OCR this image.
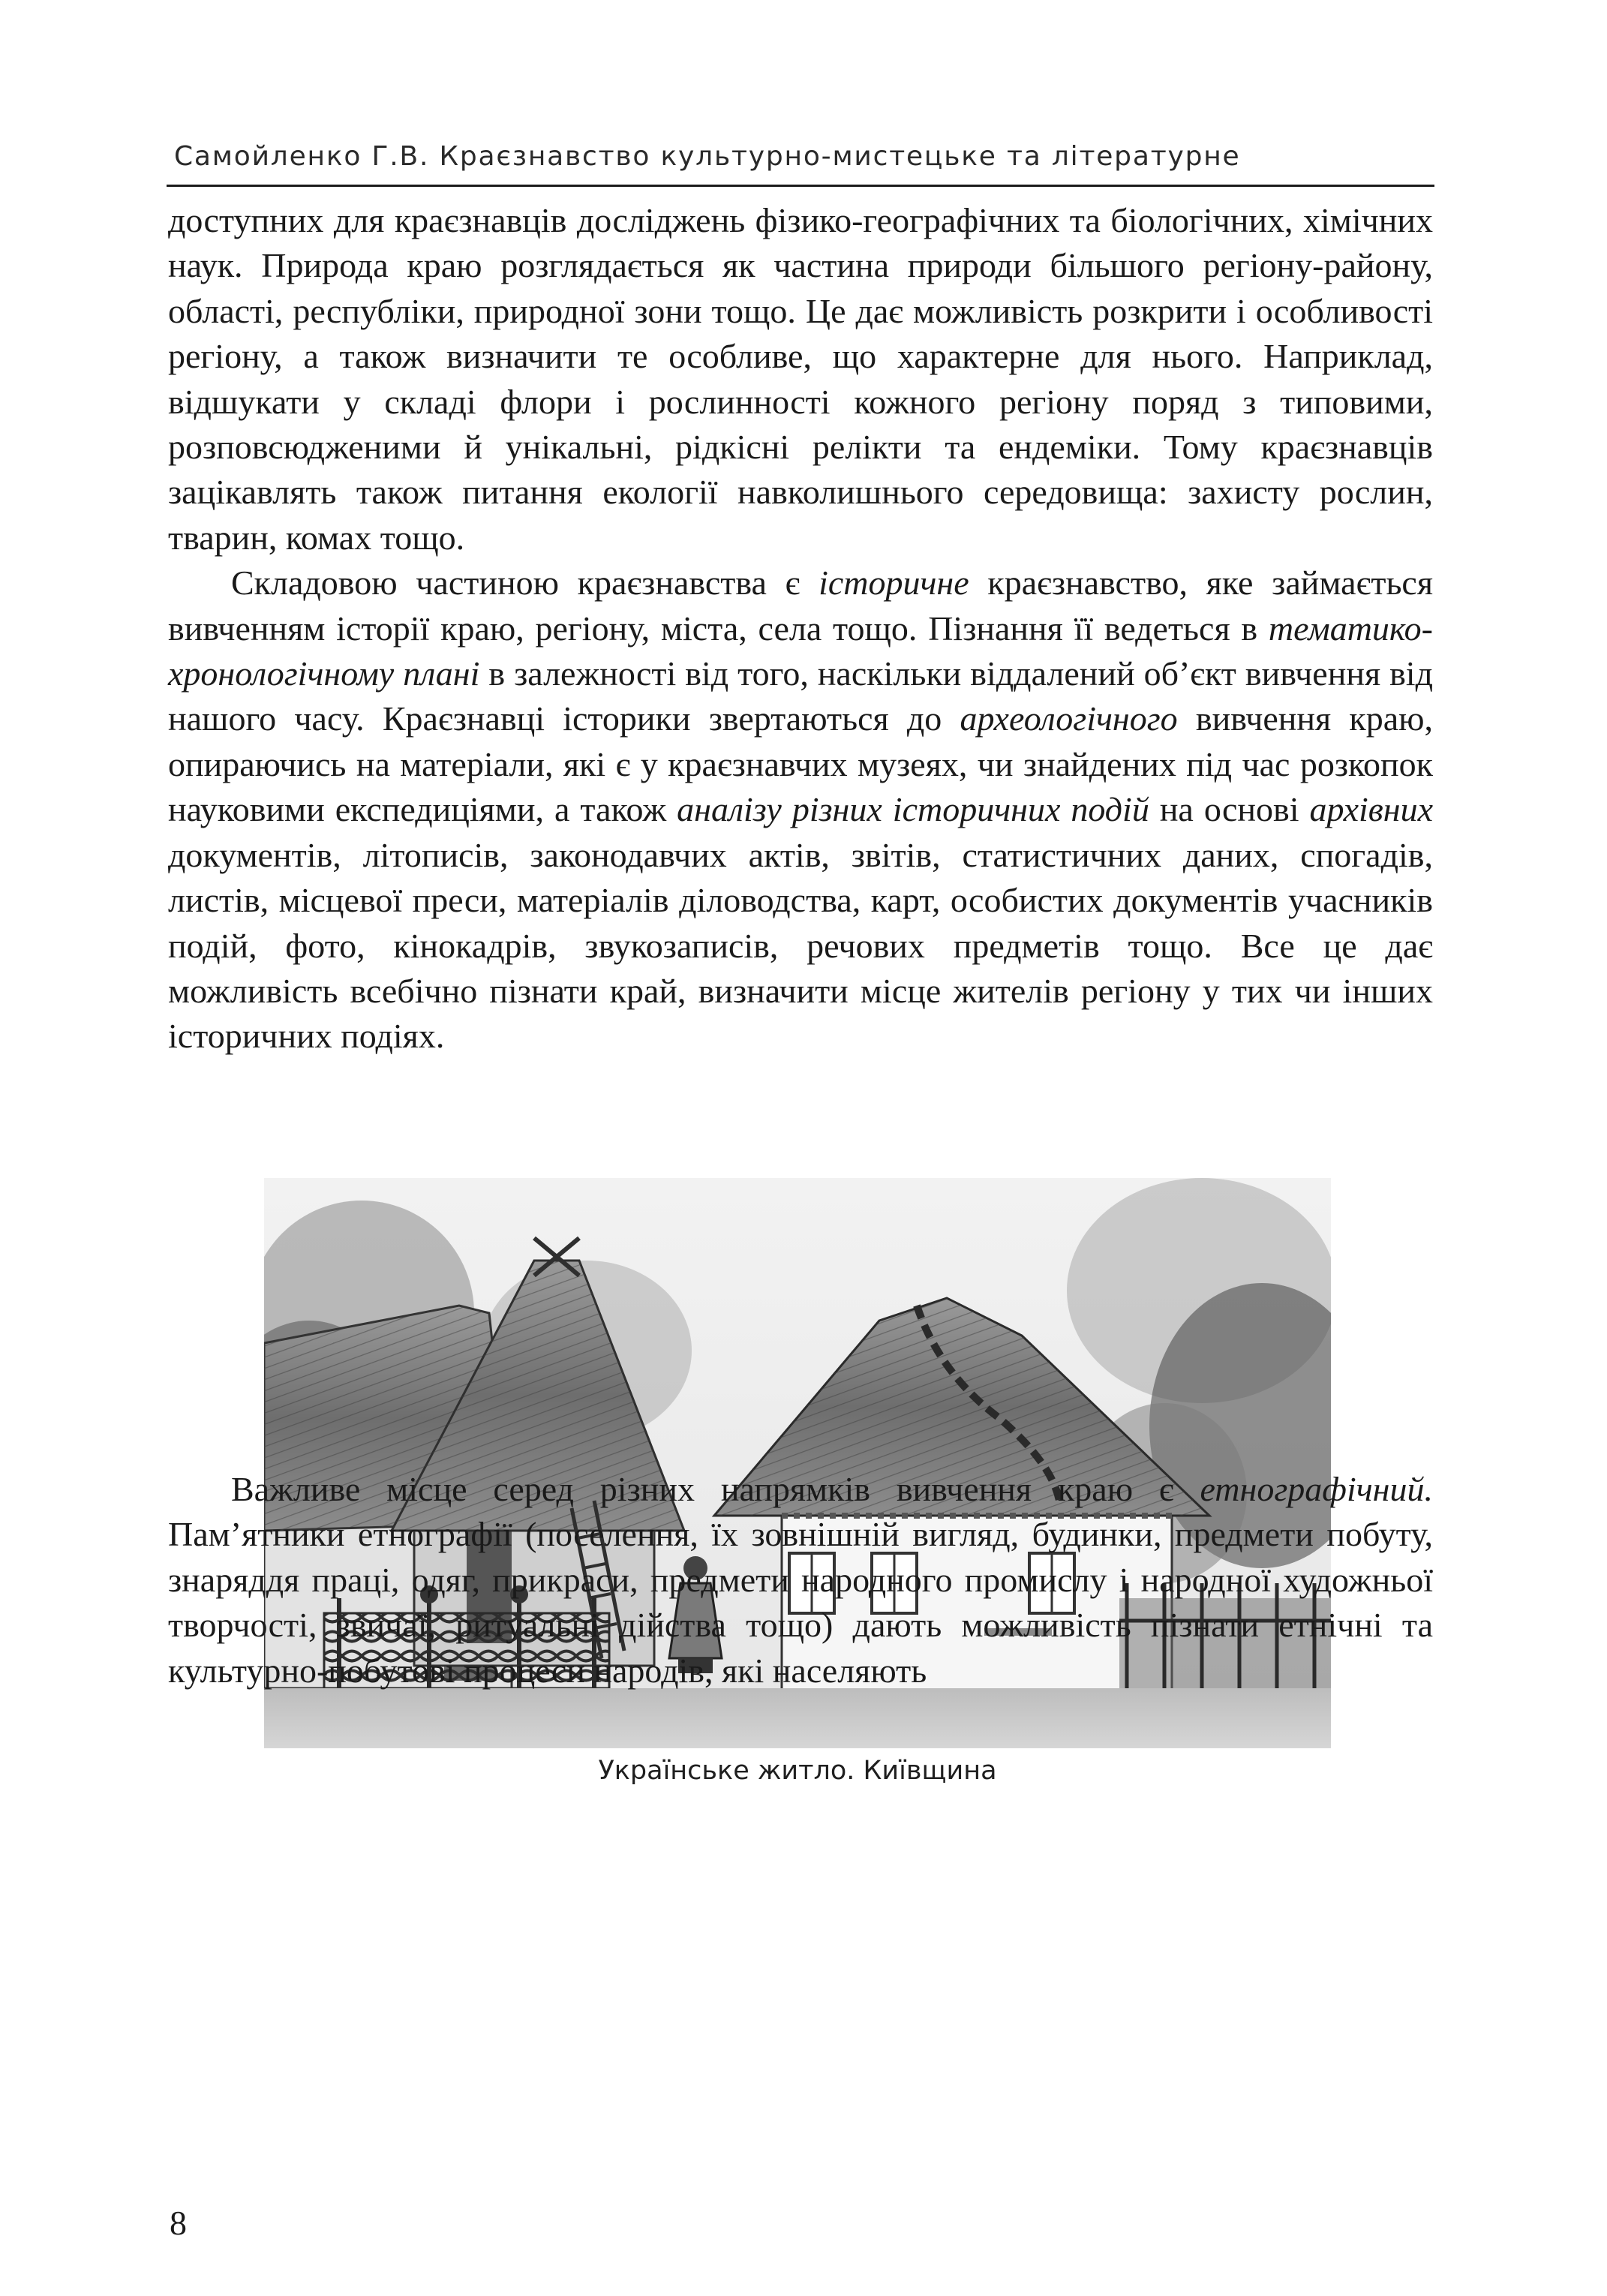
Самойленко Г.В. Краєзнавство культурно-мистецьке та літературне

доступних для краєзнавців досліджень фізико-географічних та біологічних, хімічних наук. Природа краю розглядається як частина природи більшого регіону-району, області, республіки, природної зони тощо. Це дає можливість розкрити і особливості регіону, а також визначити те особливе, що характерне для нього. Наприклад, відшукати у складі флори і рослинності кожного регіону поряд з типовими, розповсюдженими й унікальні, рідкісні релікти та ендеміки. Тому краєзнавців зацікавлять також питання екології навколишнього середовища: захисту рослин, тварин, комах тощо.

Складовою частиною краєзнавства є історичне краєзнавство, яке займається вивченням історії краю, регіону, міста, села тощо. Пізнання її ведеться в тематико-хронологічному плані в залежності від того, наскільки віддалений об’єкт вивчення від нашого часу. Краєзнавці історики звертаються до археологічного вивчення краю, опираючись на матеріали, які є у краєзнавчих музеях, чи знайдених під час розкопок науковими експедиціями, а також аналізу різних історичних подій на основі архівних документів, літописів, законодавчих актів, звітів, статистичних даних, спогадів, листів, місцевої преси, матеріалів діловодства, карт, особистих документів учасників подій, фото, кінокадрів, звукозаписів, речових предметів тощо. Все це дає можливість всебічно пізнати край, визначити місце жителів регіону у тих чи інших історичних подіях.

Українське житло. Київщина

Важливе місце серед різних напрямків вивчення краю є етнографічний. Пам’ятники етнографії (поселення, їх зовнішній вигляд, будинки, предмети побуту, знаряддя праці, одяг, прикраси, предмети народного промислу і народної художньої творчості, звичаї, ритуальні дійства тощо) дають можливість пізнати етнічні та культурно-побутові процеси народів, які населяють

8
